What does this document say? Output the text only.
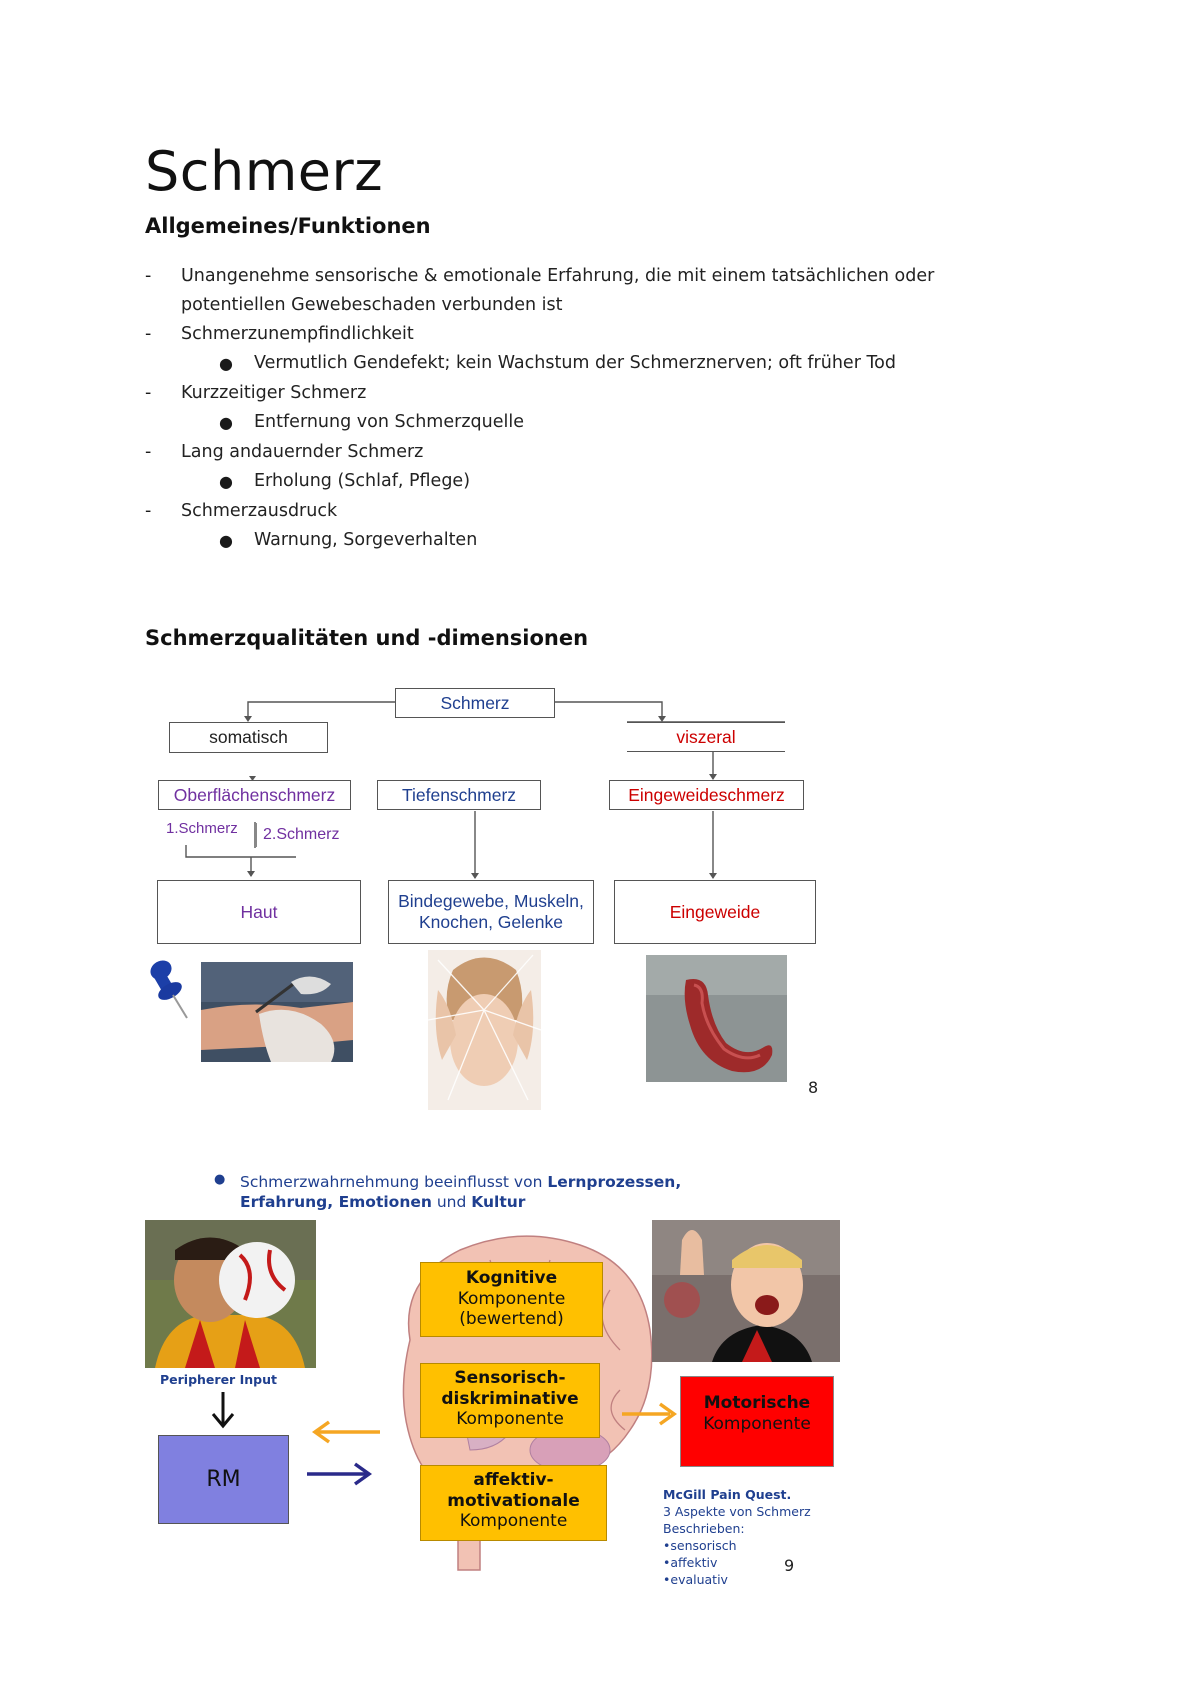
Schmerz
Allgemeines/Funktionen
- Unangenehme sensorische & emotionale Erfahrung, die mit einem tatsächlichen oder
potentiellen Gewebeschaden verbunden ist
- Schmerzunempfindlichkeit
● Vermutlich Gendefekt; kein Wachstum der Schmerznerven; oft früher Tod
- Kurzzeitiger Schmerz
● Entfernung von Schmerzquelle
- Lang andauernder Schmerz
● Erholung (Schlaf, Pflege)
- Schmerzausdruck
● Warnung, Sorgeverhalten
Schmerzqualitäten und -dimensionen
Schmerz
somatisch	viszeral
Oberflächenschmerz	Tiefenschmerz	Eingeweideschmerz
1.Schmerz 2.Schmerz
Haut
Bindegewebe, Muskeln,
Knochen, Gelenke
Eingeweide
8
● Schmerzwahrnehmung beeinflusst von Lernprozessen,
Erfahrung, Emotionen und Kultur
Peripherer Input
RM
Kognitive
Komponente
(bewertend)
Sensorisch-
diskriminative
Komponente
affektiv-
motivationale
Komponente
Motorische
Komponente
McGill Pain Quest.
3 Aspekte von Schmerz
Beschrieben:
•sensorisch
•affektiv
•evaluativ
9
